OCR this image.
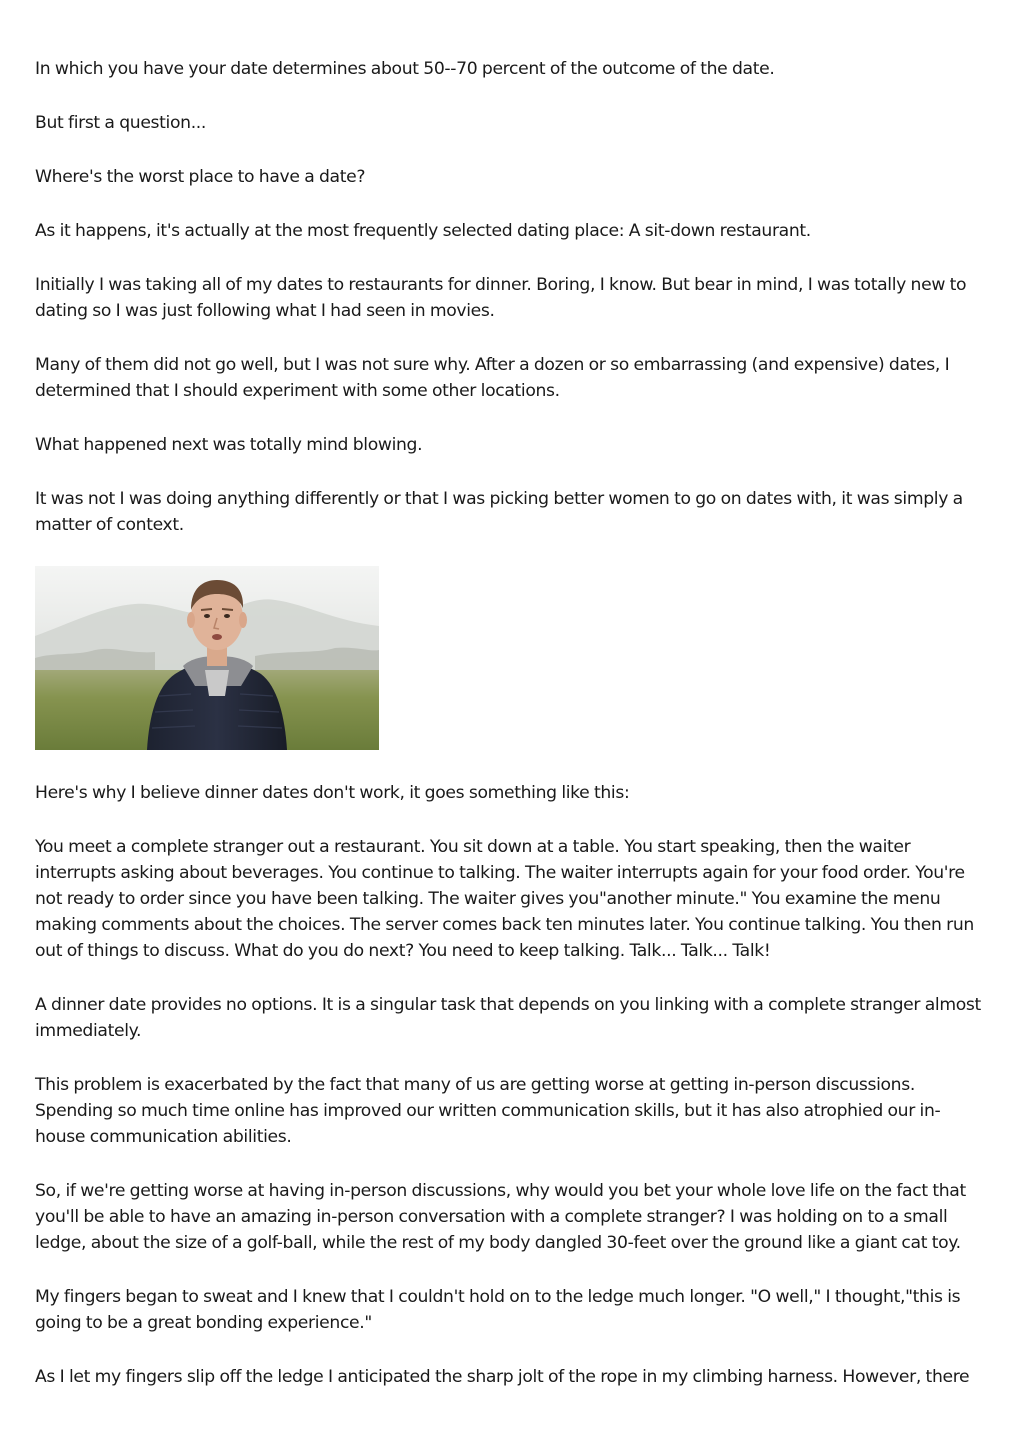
In which you have your date determines about 50--70 percent of the outcome of the date.

But first a question...

Where's the worst place to have a date?

As it happens, it's actually at the most frequently selected dating place: A sit-down restaurant.

Initially I was taking all of my dates to restaurants for dinner. Boring, I know. But bear in mind, I was totally new to dating so I was just following what I had seen in movies.

Many of them did not go well, but I was not sure why. After a dozen or so embarrassing (and expensive) dates, I determined that I should experiment with some other locations.

What happened next was totally mind blowing.

It was not I was doing anything differently or that I was picking better women to go on dates with, it was simply a matter of context.

Here's why I believe dinner dates don't work, it goes something like this:

You meet a complete stranger out a restaurant. You sit down at a table. You start speaking, then the waiter interrupts asking about beverages. You continue to talking. The waiter interrupts again for your food order. You're not ready to order since you have been talking. The waiter gives you"another minute." You examine the menu making comments about the choices. The server comes back ten minutes later. You continue talking. You then run out of things to discuss. What do you do next? You need to keep talking. Talk... Talk... Talk!

A dinner date provides no options. It is a singular task that depends on you linking with a complete stranger almost immediately.

This problem is exacerbated by the fact that many of us are getting worse at getting in-person discussions. Spending so much time online has improved our written communication skills, but it has also atrophied our in-house communication abilities.

So, if we're getting worse at having in-person discussions, why would you bet your whole love life on the fact that you'll be able to have an amazing in-person conversation with a complete stranger? I was holding on to a small ledge, about the size of a golf-ball, while the rest of my body dangled 30-feet over the ground like a giant cat toy.

My fingers began to sweat and I knew that I couldn't hold on to the ledge much longer. "O well," I thought,"this is going to be a great bonding experience."

As I let my fingers slip off the ledge I anticipated the sharp jolt of the rope in my climbing harness. However, there
